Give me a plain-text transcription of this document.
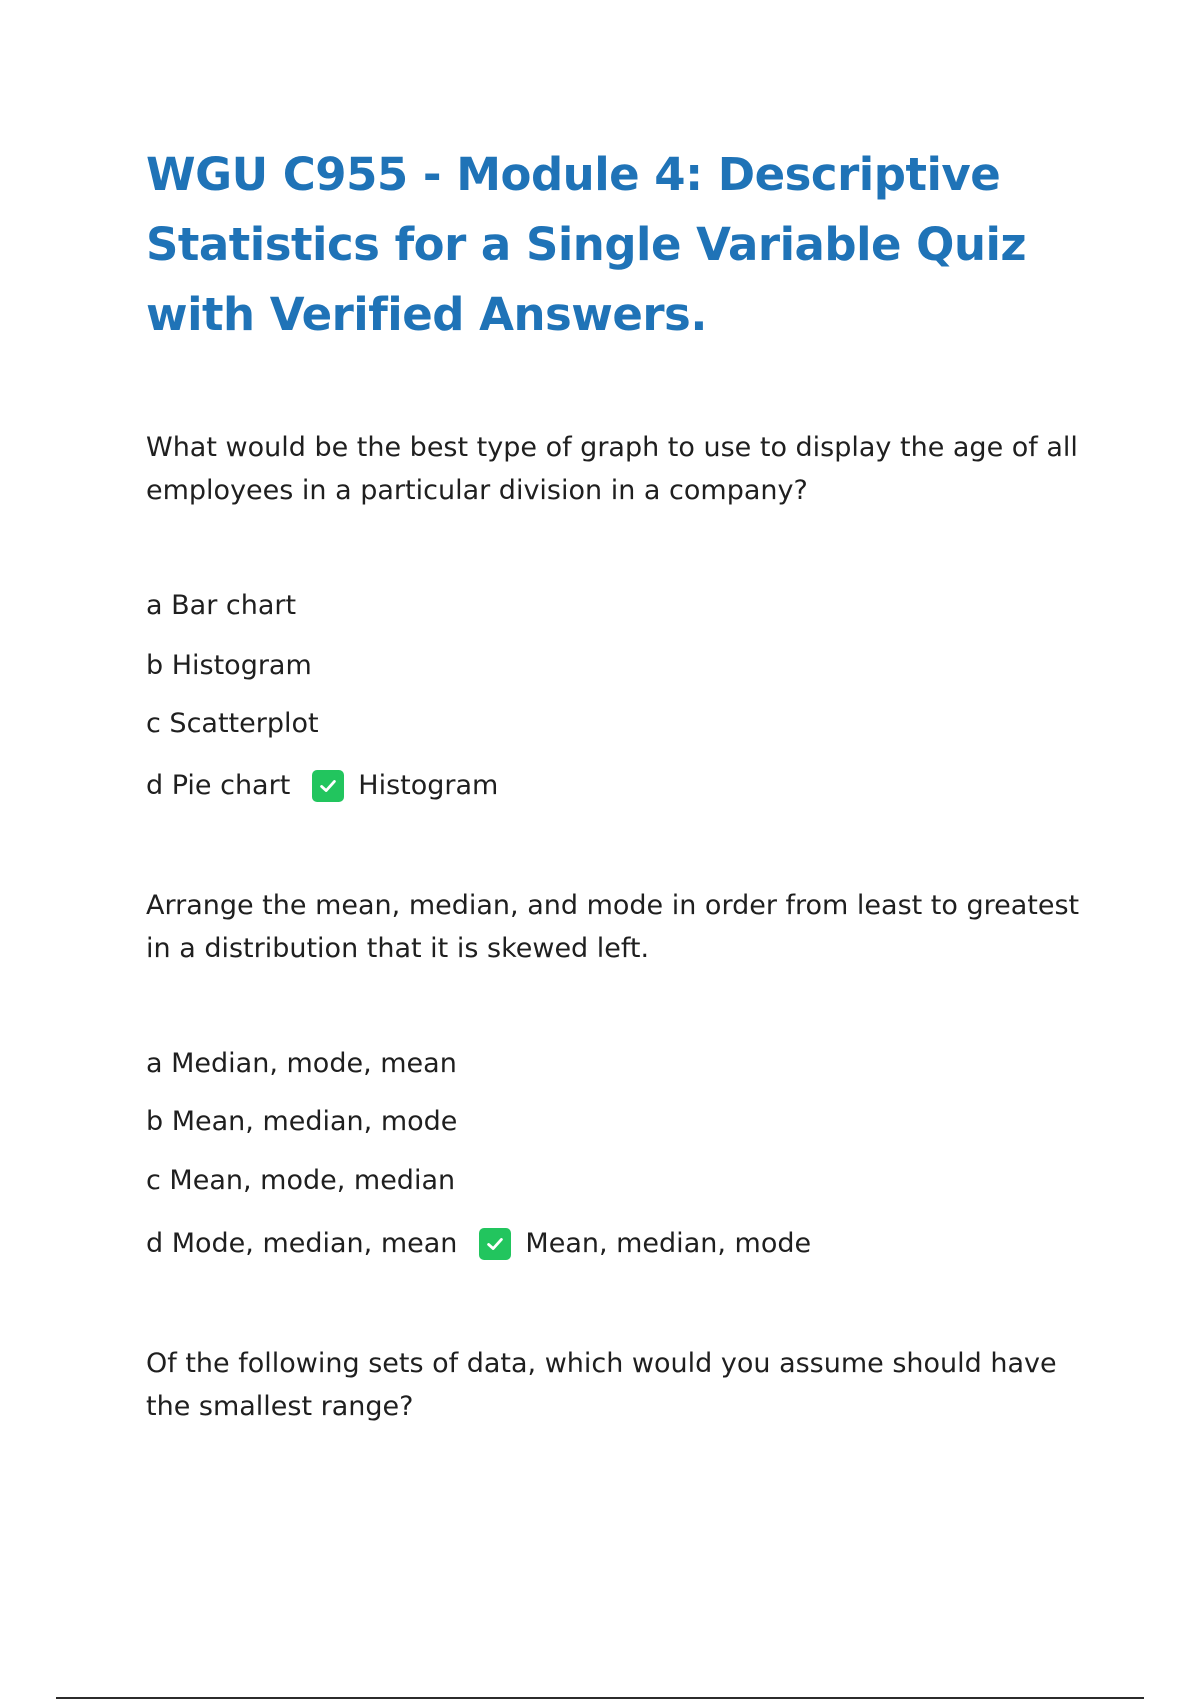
WGU C955 - Module 4: Descriptive Statistics for a Single Variable Quiz with Verified Answers.

What would be the best type of graph to use to display the age of all employees in a particular division in a company?

a Bar chart
b Histogram
c Scatterplot
d Pie chart	Histogram

Arrange the mean, median, and mode in order from least to greatest in a distribution that it is skewed left.

a Median, mode, mean
b Mean, median, mode
c Mean, mode, median
d Mode, median, mean	Mean, median, mode

Of the following sets of data, which would you assume should have the smallest range?
